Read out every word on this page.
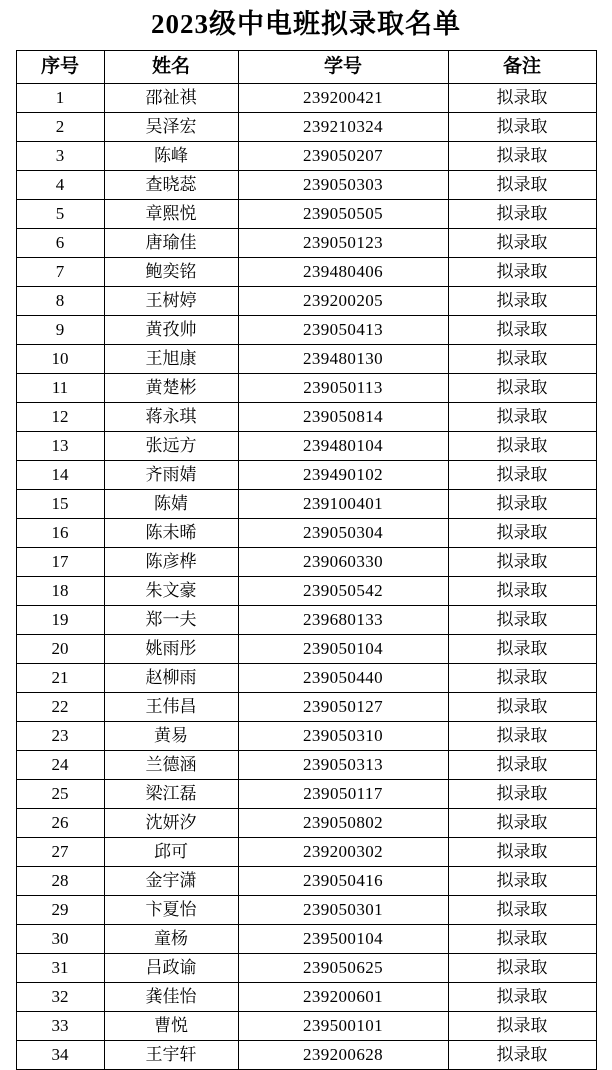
2023级中电班拟录取名单
序号	姓名	学号	备注
1	邵祉祺	239200421	拟录取
2	吴泽宏	239210324	拟录取
3	陈峰	239050207	拟录取
4	查晓蕊	239050303	拟录取
5	章熙悦	239050505	拟录取
6	唐瑜佳	239050123	拟录取
7	鲍奕铭	239480406	拟录取
8	王树婷	239200205	拟录取
9	黄孜帅	239050413	拟录取
10	王旭康	239480130	拟录取
11	黄楚彬	239050113	拟录取
12	蒋永琪	239050814	拟录取
13	张远方	239480104	拟录取
14	齐雨婧	239490102	拟录取
15	陈婧	239100401	拟录取
16	陈未晞	239050304	拟录取
17	陈彦桦	239060330	拟录取
18	朱文豪	239050542	拟录取
19	郑一夫	239680133	拟录取
20	姚雨彤	239050104	拟录取
21	赵柳雨	239050440	拟录取
22	王伟昌	239050127	拟录取
23	黄易	239050310	拟录取
24	兰德涵	239050313	拟录取
25	梁江磊	239050117	拟录取
26	沈妍汐	239050802	拟录取
27	邱可	239200302	拟录取
28	金宇潇	239050416	拟录取
29	卞夏怡	239050301	拟录取
30	童杨	239500104	拟录取
31	吕政谕	239050625	拟录取
32	龚佳怡	239200601	拟录取
33	曹悦	239500101	拟录取
34	王宇轩	239200628	拟录取
